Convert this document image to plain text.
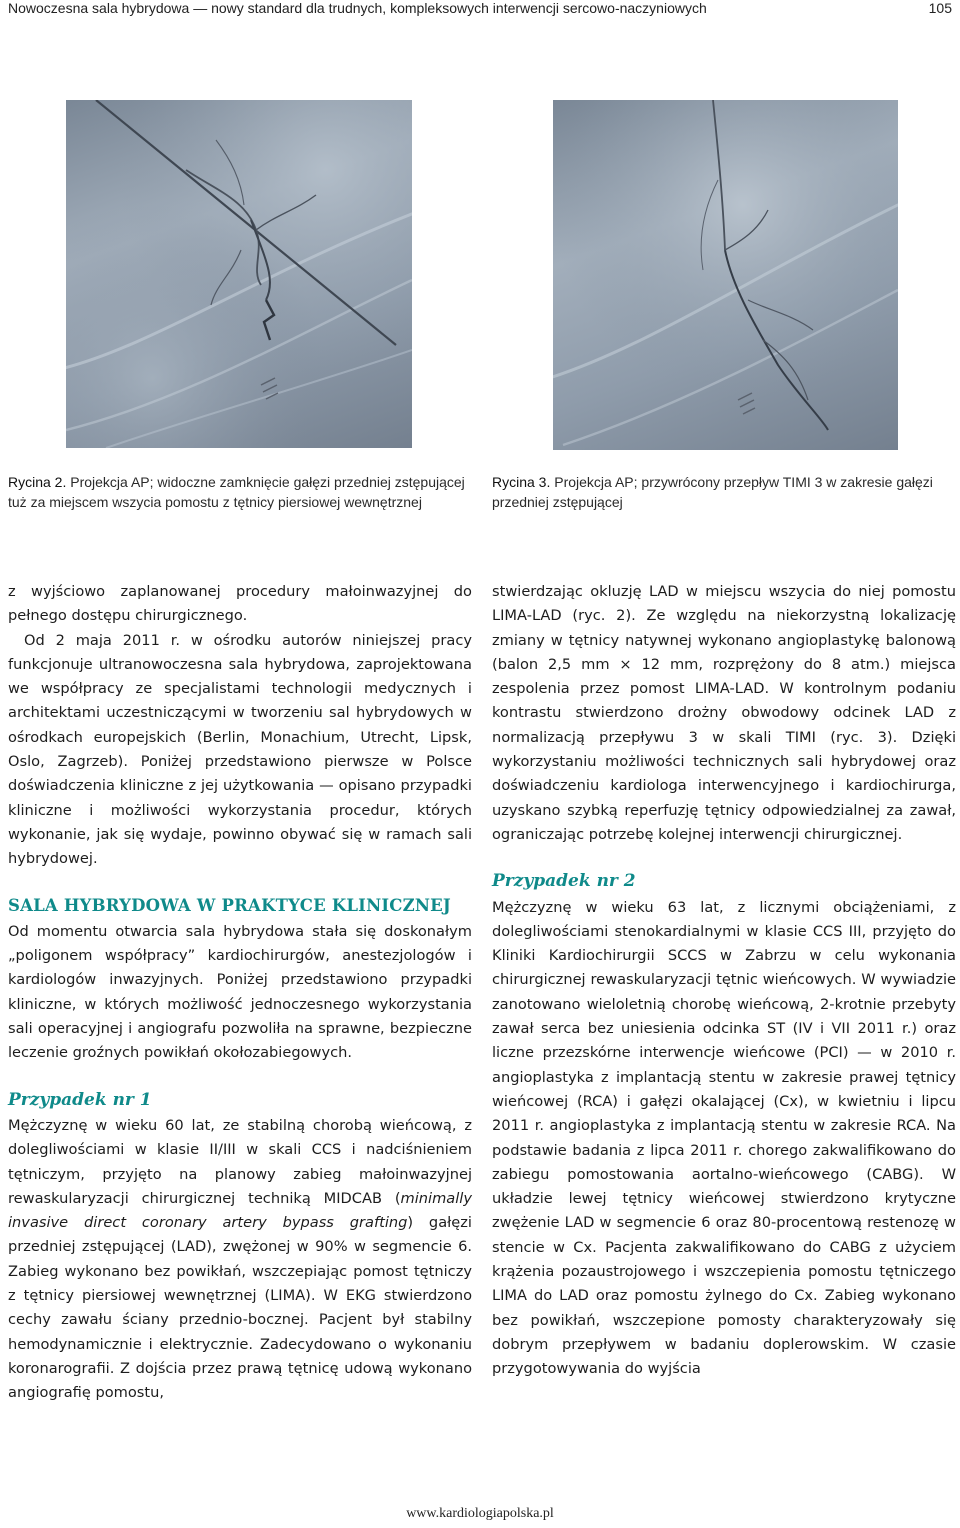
Nowoczesna sala hybrydowa — nowy standard dla trudnych, kompleksowych interwencji sercowo-naczyniowych	105
Rycina 2. Projekcja AP; widoczne zamknięcie gałęzi przedniej zstępującej tuż za miejscem wszycia pomostu z tętnicy piersiowej wewnętrznej
Rycina 3. Projekcja AP; przywrócony przepływ TIMI 3 w zakresie gałęzi przedniej zstępującej

z wyjściowo zaplanowanej procedury małoinwazyjnej do pełnego dostępu chirurgicznego.

Od 2 maja 2011 r. w ośrodku autorów niniejszej pracy funkcjonuje ultranowoczesna sala hybrydowa, zaprojektowana we współpracy ze specjalistami technologii medycznych i architektami uczestniczącymi w tworzeniu sal hybrydowych w ośrodkach europejskich (Berlin, Monachium, Utrecht, Lipsk, Oslo, Zagrzeb). Poniżej przedstawiono pierwsze w Polsce doświadczenia kliniczne z jej użytkowania — opisano przypadki kliniczne i możliwości wykorzystania procedur, których wykonanie, jak się wydaje, powinno obywać się w ramach sali hybrydowej.

SALA HYBRYDOWA W PRAKTYCE KLINICZNEJ

Od momentu otwarcia sala hybrydowa stała się doskonałym „poligonem współpracy” kardiochirurgów, anestezjologów i kardiologów inwazyjnych. Poniżej przedstawiono przypadki kliniczne, w których możliwość jednoczesnego wykorzystania sali operacyjnej i angiografu pozwoliła na sprawne, bezpieczne leczenie groźnych powikłań okołozabiegowych.

Przypadek nr 1

Mężczyznę w wieku 60 lat, ze stabilną chorobą wieńcową, z dolegliwościami w klasie II/III w skali CCS i nadciśnieniem tętniczym, przyjęto na planowy zabieg małoinwazyjnej rewaskularyzacji chirurgicznej techniką MIDCAB (minimally invasive direct coronary artery bypass grafting) gałęzi przedniej zstępującej (LAD), zwężonej w 90% w segmencie 6. Zabieg wykonano bez powikłań, wszczepiając pomost tętniczy z tętnicy piersiowej wewnętrznej (LIMA). W EKG stwierdzono cechy zawału ściany przednio-bocznej. Pacjent był stabilny hemodynamicznie i elektrycznie. Zadecydowano o wykonaniu koronarografii. Z dojścia przez prawą tętnicę udową wykonano angiografię pomostu,

stwierdzając okluzję LAD w miejscu wszycia do niej pomostu LIMA-LAD (ryc. 2). Ze względu na niekorzystną lokalizację zmiany w tętnicy natywnej wykonano angioplastykę balonową (balon 2,5 mm × 12 mm, rozprężony do 8 atm.) miejsca zespolenia przez pomost LIMA-LAD. W kontrolnym podaniu kontrastu stwierdzono drożny obwodowy odcinek LAD z normalizacją przepływu 3 w skali TIMI (ryc. 3). Dzięki wykorzystaniu możliwości technicznych sali hybrydowej oraz doświadczeniu kardiologa interwencyjnego i kardiochirurga, uzyskano szybką reperfuzję tętnicy odpowiedzialnej za zawał, ograniczając potrzebę kolejnej interwencji chirurgicznej.

Przypadek nr 2

Mężczyznę w wieku 63 lat, z licznymi obciążeniami, z dolegliwościami stenokardialnymi w klasie CCS III, przyjęto do Kliniki Kardiochirurgii SCCS w Zabrzu w celu wykonania chirurgicznej rewaskularyzacji tętnic wieńcowych. W wywiadzie zanotowano wieloletnią chorobę wieńcową, 2-krotnie przebyty zawał serca bez uniesienia odcinka ST (IV i VII 2011 r.) oraz liczne przezskórne interwencje wieńcowe (PCI) — w 2010 r. angioplastyka z implantacją stentu w zakresie prawej tętnicy wieńcowej (RCA) i gałęzi okalającej (Cx), w kwietniu i lipcu 2011 r. angioplastyka z implantacją stentu w zakresie RCA. Na podstawie badania z lipca 2011 r. chorego zakwalifikowano do zabiegu pomostowania aortalno-wieńcowego (CABG). W układzie lewej tętnicy wieńcowej stwierdzono krytyczne zwężenie LAD w segmencie 6 oraz 80-procentową restenozę w stencie w Cx. Pacjenta zakwalifikowano do CABG z użyciem krążenia pozaustrojowego i wszczepienia pomostu tętniczego LIMA do LAD oraz pomostu żylnego do Cx. Zabieg wykonano bez powikłań, wszczepione pomosty charakteryzowały się dobrym przepływem w badaniu doplerowskim. W czasie przygotowywania do wyjścia

www.kardiologiapolska.pl
